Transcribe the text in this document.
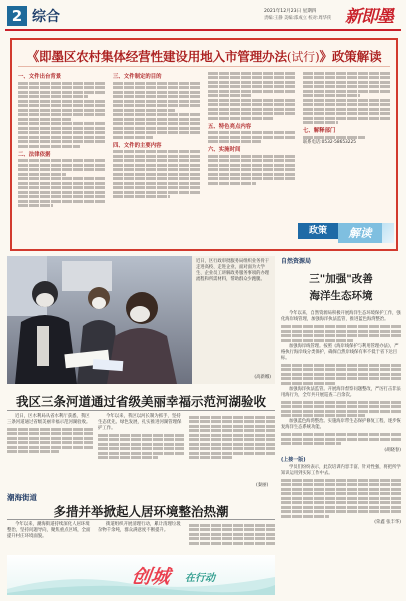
2 综合	2021年12月23日 星期四
责编:王静 美编:邵成立 校对:周华侠 新即墨
《即墨区农村集体经营性建设用地入市管理办法(试行)》政策解读
一、文件出台背景
二、法律依据
三、文件制定的目的
四、文件的主要内容
五、特色亮点内容
六、实施时间
七、解释部门
联系电话:0532-58653225
政策	解读
近日，区行政审批服务局组织业务骨干走进高校、走进企业，面对面为大学生、企业员工讲解政务服务事项的办理流程和所需材料，帮助群众少跑腿。
(高新娜)
自然资源局
三"加强"改善
海洋生态环境
今年以来，自然资源局积极开展海洋生态环境保护工作，强化海岸线管理，加强海洋执法监管，推进蓝色海湾整治。
加强海岸线管理。按照《海岸线保护与利用管理办法》，严格执行海岸线分类保护，确保自然岸线保有率不低于省下达目标。
加强海洋执法监管。开展海洋督察问题整改，严厉打击非法用海行为，全年共开展巡查二百余次。
加强蓝色海湾整治。实施海岸带生态保护修复工程，逐步恢复海洋生态系统功能。
(胡晓春)
(上接一版)
学员们纷纷表示，此次培训内容丰富、针对性强，将把所学知识运用到实际工作中去。
(荣鑫 张丰华)
我区三条河道通过省级美丽幸福示范河湖验收
近日，区水利局从省水利厅获悉，我区三条河道通过省级美丽幸福示范河湖验收。
今年以来，我区以河长制为抓手，坚持生态优先、绿色发展，扎实推进河湖管理保护工作。
(秦丽)
潮海街道
多措并举掀起人居环境整治热潮
今年以来，潮海街道持续深化人居环境整治，坚持问题导向，聚焦重点区域，全面提升村庄环境面貌。
街道组织开展清理行动，累计清理垃圾杂物千余吨，群众满意度不断提升。
创城 在行动
